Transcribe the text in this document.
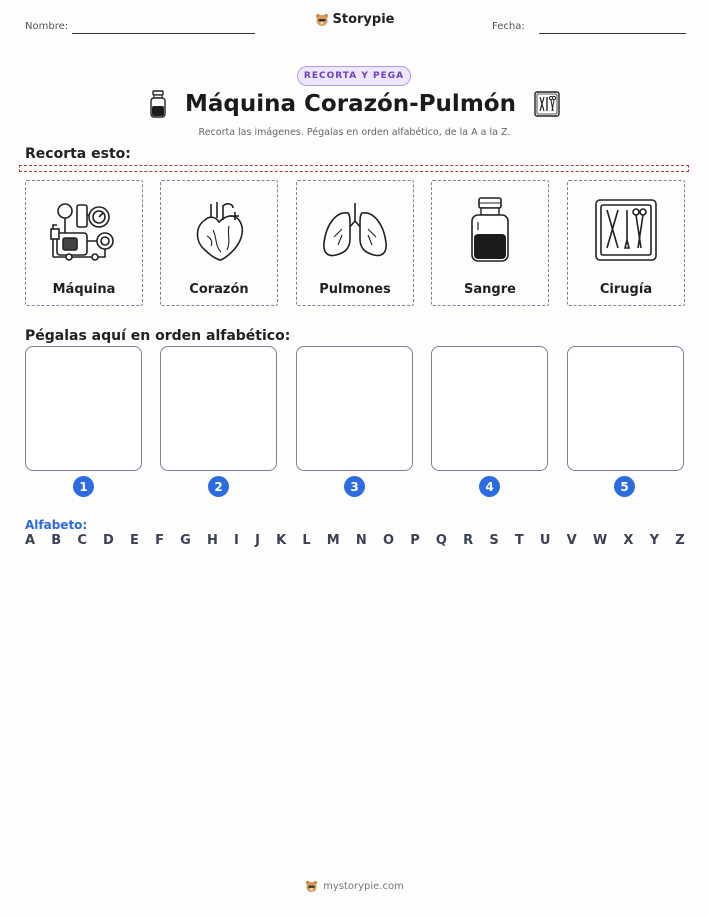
Nombre:	Storypie	Fecha:
RECORTA Y PEGA
Máquina Corazón-Pulmón
Recorta las imágenes. Pégalas en orden alfabético, de la A a la Z.
Recorta esto:
Máquina	Corazón	Pulmones	Sangre	Cirugía
Pégalas aquí en orden alfabético:
1	2	3	4	5
Alfabeto:
A B C D E F G H I J K L M N O P Q R S T U V W X Y Z
mystorypie.com
